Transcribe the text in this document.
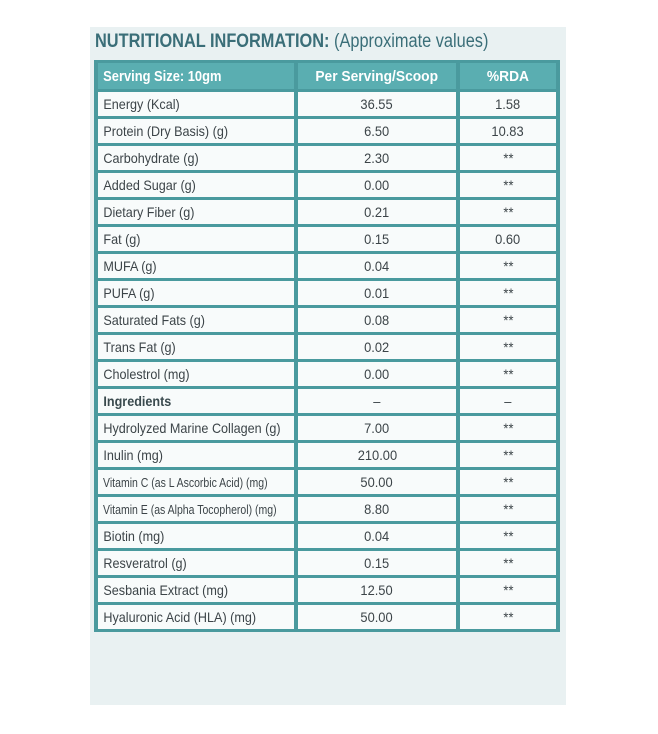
NUTRITIONAL INFORMATION: (Approximate values)
Serving Size: 10gm	Per Serving/Scoop	%RDA
Energy (Kcal)	36.55	1.58
Protein (Dry Basis) (g)	6.50	10.83
Carbohydrate (g)	2.30	**
Added Sugar (g)	0.00	**
Dietary Fiber (g)	0.21	**
Fat (g)	0.15	0.60
MUFA (g)	0.04	**
PUFA (g)	0.01	**
Saturated Fats (g)	0.08	**
Trans Fat (g)	0.02	**
Cholestrol (mg)	0.00	**
Ingredients	–	–
Hydrolyzed Marine Collagen (g)	7.00	**
Inulin (mg)	210.00	**
Vitamin C (as L Ascorbic Acid) (mg)	50.00	**
Vitamin E (as Alpha Tocopherol) (mg)	8.80	**
Biotin (mg)	0.04	**
Resveratrol (g)	0.15	**
Sesbania Extract (mg)	12.50	**
Hyaluronic Acid (HLA) (mg)	50.00	**
